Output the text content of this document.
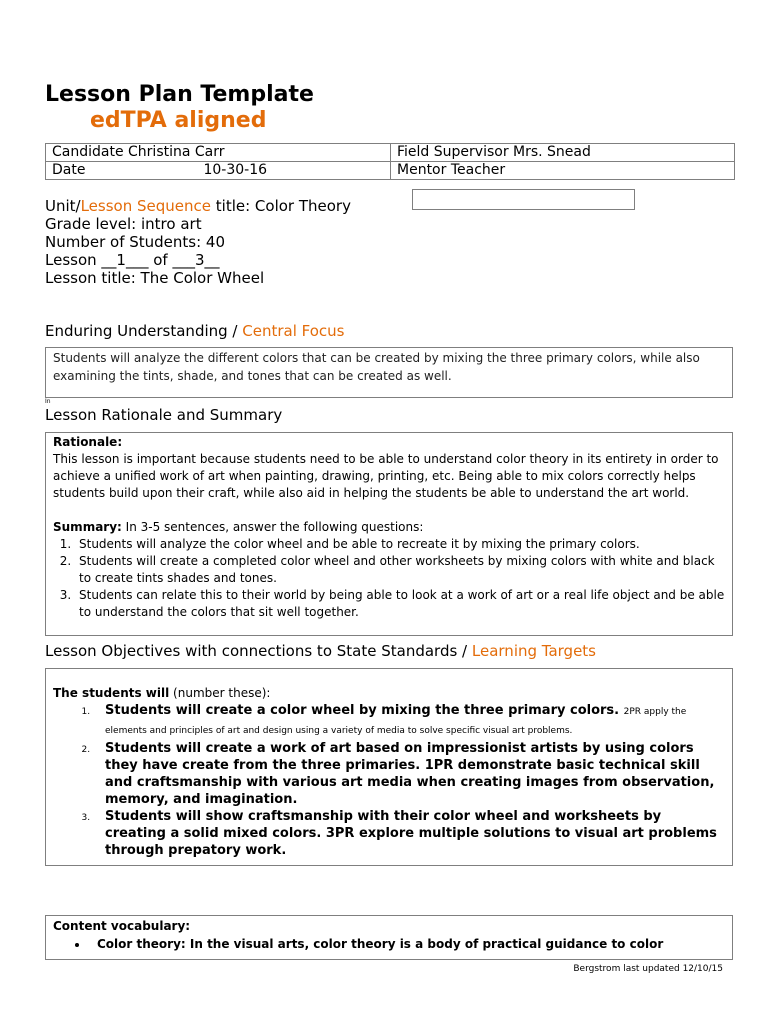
Lesson Plan Template
edTPA aligned
Candidate Christina Carr	Field Supervisor Mrs. Snead

Date 10-30-16	Mentor Teacher
Unit/Lesson Sequence title: Color Theory
Grade level: intro art
Number of Students: 40
Lesson __1___ of ___3__
Lesson title: The Color Wheel
Enduring Understanding / Central Focus
Students will analyze the different colors that can be created by mixing the three primary colors, while also examining the tints, shade, and tones that can be created as well.
In
Lesson Rationale and Summary
Rationale:
This lesson is important because students need to be able to understand color theory in its entirety in order to achieve a unified work of art when painting, drawing, printing, etc. Being able to mix colors correctly helps students build upon their craft, while also aid in helping the students be able to understand the art world.
Summary: In 3-5 sentences, answer the following questions:
1. Students will analyze the color wheel and be able to recreate it by mixing the primary colors.
2. Students will create a completed color wheel and other worksheets by mixing colors with white and black to create tints shades and tones.
3. Students can relate this to their world by being able to look at a work of art or a real life object and be able to understand the colors that sit well together.
Lesson Objectives with connections to State Standards / Learning Targets
The students will (number these):
1. Students will create a color wheel by mixing the three primary colors. 2PR apply the elements and principles of art and design using a variety of media to solve specific visual art problems.
2. Students will create a work of art based on impressionist artists by using colors they have create from the three primaries. 1PR demonstrate basic technical skill and craftsmanship with various art media when creating images from observation, memory, and imagination.
3. Students will show craftsmanship with their color wheel and worksheets by creating a solid mixed colors. 3PR explore multiple solutions to visual art problems through prepatory work.
Content vocabulary:
• Color theory: In the visual arts, color theory is a body of practical guidance to color
Bergstrom last updated 12/10/15
